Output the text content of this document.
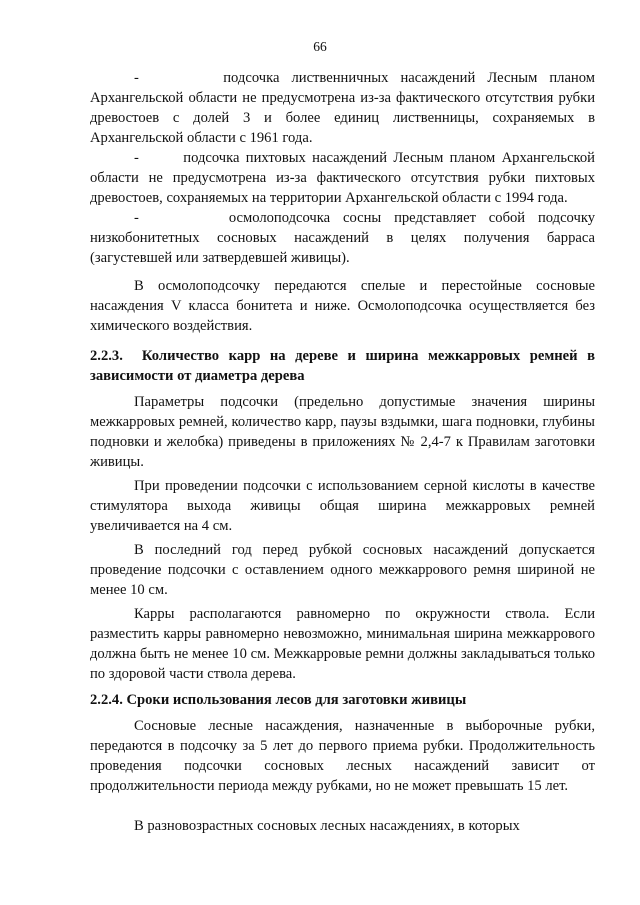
66

-       подсочка лиственничных насаждений Лесным планом Архангельской области не предусмотрена из-за фактического отсутствия рубки древостоев с долей 3 и более единиц лиственницы, сохраняемых в Архангельской области с 1961 года.

-       подсочка пихтовых насаждений Лесным планом Архангельской области не предусмотрена из-за фактического отсутствия рубки пихтовых древостоев, сохраняемых на территории Архангельской области с 1994 года.

-       осмолоподсочка сосны представляет собой подсочку низкобонитетных сосновых насаждений в целях получения барраса (загустевшей или затвердевшей живицы).

В осмолоподсочку передаются спелые и перестойные сосновые насаждения V класса бонитета и ниже. Осмолоподсочка осуществляется без химического воздействия.

2.2.3.  Количество карр на дереве и ширина межкарровых ремней в зависимости от диаметра дерева

Параметры подсочки (предельно допустимые значения ширины межкарровых ремней, количество карр, паузы вздымки, шага подновки, глубины подновки и желобка) приведены в приложениях № 2,4-7 к Правилам заготовки живицы.

При проведении подсочки с использованием серной кислоты в качестве стимулятора выхода живицы общая ширина межкарровых ремней увеличивается на 4 см.

В последний год перед рубкой сосновых насаждений допускается проведение подсочки с оставлением одного межкаррового ремня шириной не менее 10 см.

Карры располагаются равномерно по окружности ствола. Если разместить карры равномерно невозможно, минимальная ширина межкаррового должна быть не менее 10 см. Межкарровые ремни должны закладываться только по здоровой части ствола дерева.

2.2.4. Сроки использования лесов для заготовки живицы

Сосновые лесные насаждения, назначенные в выборочные рубки, передаются в подсочку за 5 лет до первого приема рубки. Продолжительность проведения подсочки сосновых лесных насаждений зависит от продолжительности периода между рубками, но не может превышать 15 лет.

В разновозрастных сосновых лесных насаждениях, в которых
